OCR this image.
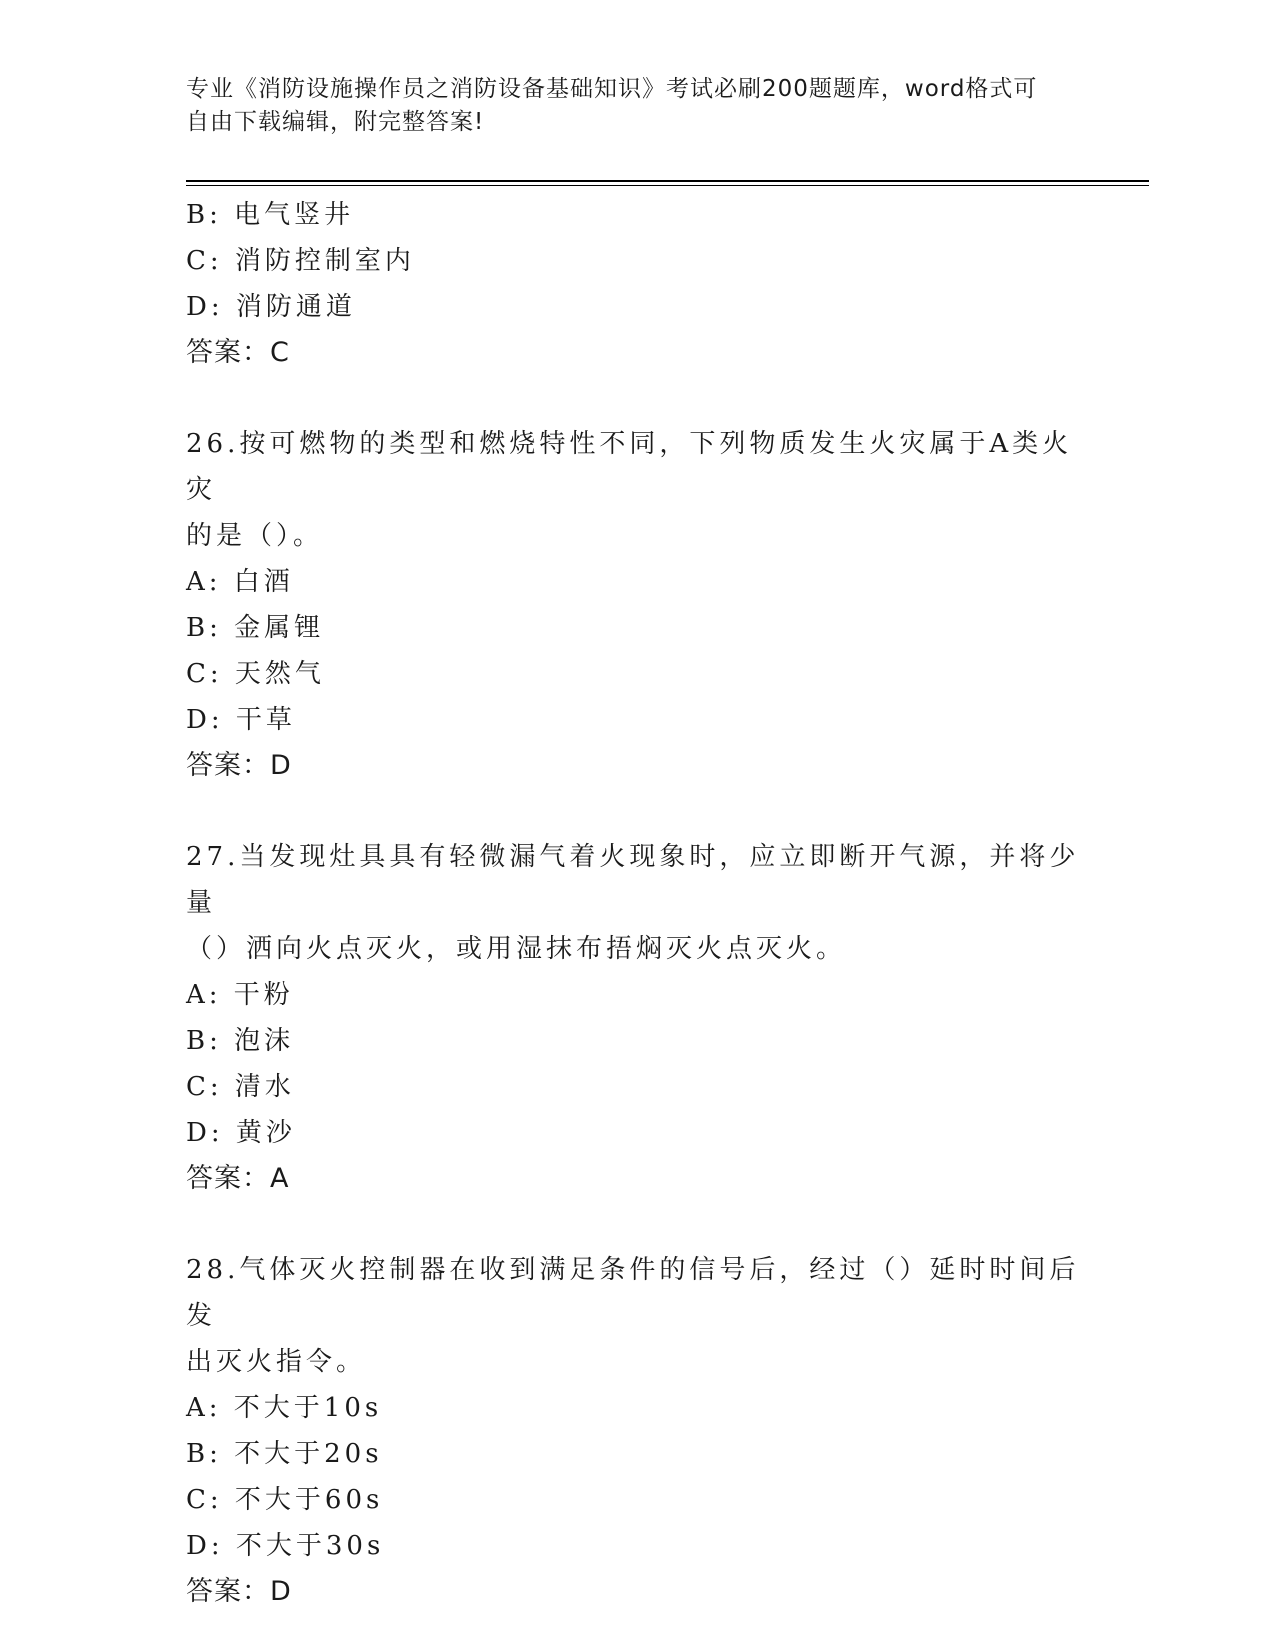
专业《消防设施操作员之消防设备基础知识》考试必刷200题题库，word格式可
自由下载编辑，附完整答案!
B: 电气竖井
C: 消防控制室内
D: 消防通道
答案：C
26.按可燃物的类型和燃烧特性不同，下列物质发生火灾属于A类火灾
的是（）。
A: 白酒
B: 金属锂
C: 天然气
D: 干草
答案：D
27.当发现灶具具有轻微漏气着火现象时，应立即断开气源，并将少量
（）洒向火点灭火，或用湿抹布捂焖灭火点灭火。
A: 干粉
B: 泡沫
C: 清水
D: 黄沙
答案：A
28.气体灭火控制器在收到满足条件的信号后，经过（）延时时间后发
出灭火指令。
A: 不大于10s
B: 不大于20s
C: 不大于60s
D: 不大于30s
答案：D
